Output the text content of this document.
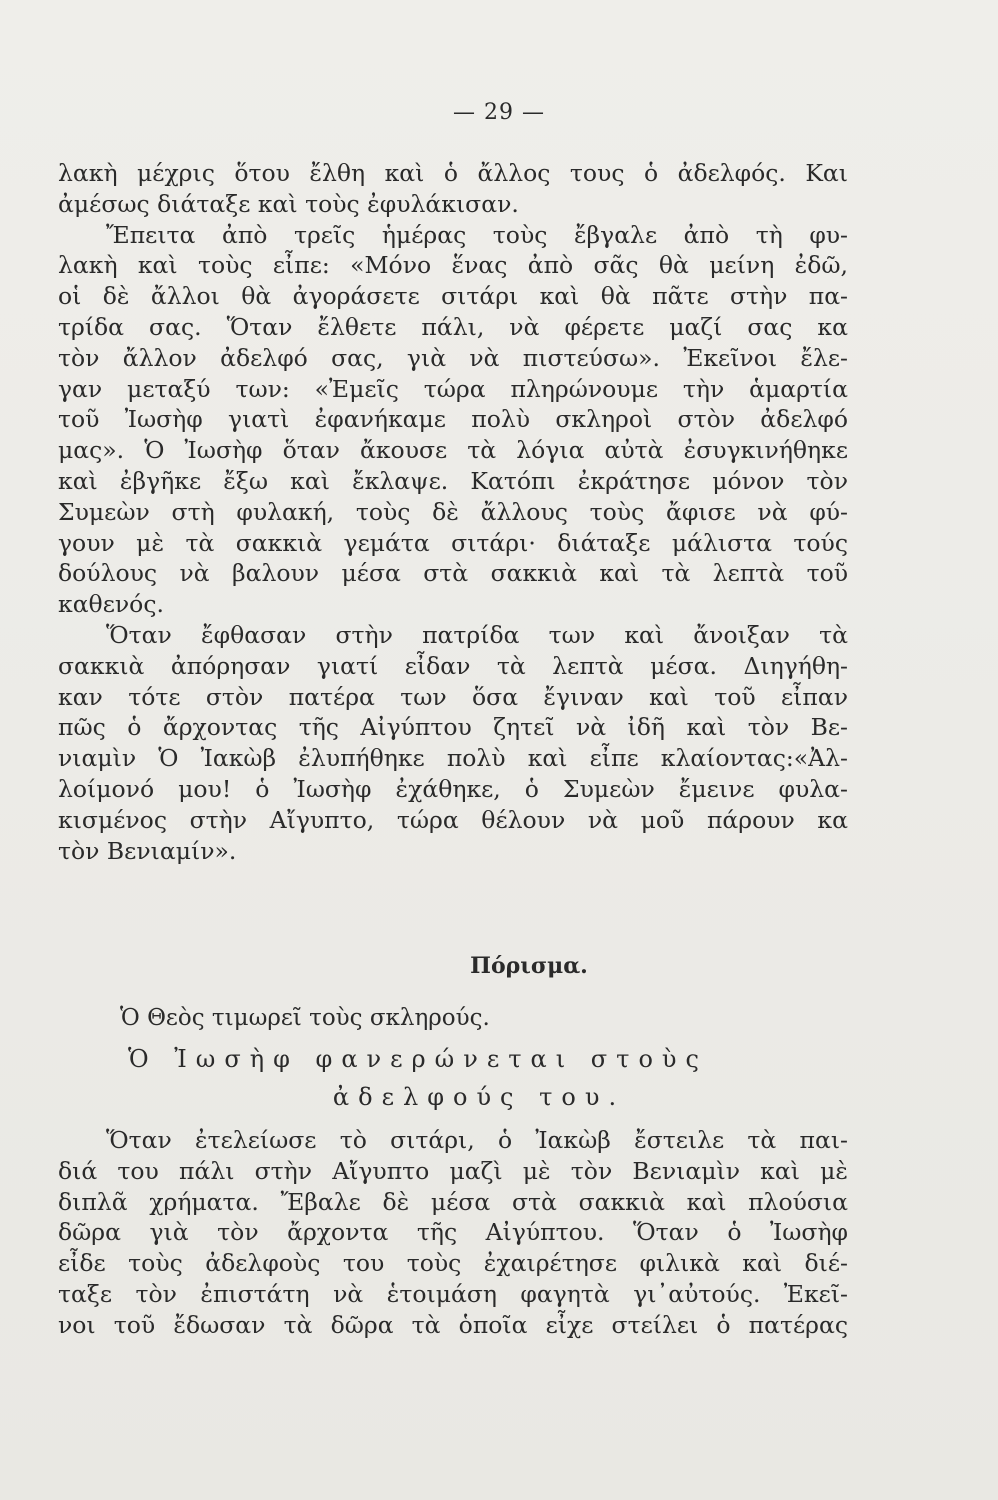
— 29 —
λακὴ μέχρις ὅτου ἔλθη καὶ ὁ ἄλλος τους ὁ ἀδελφός. Και
ἀμέσως διάταξε καὶ τοὺς ἐφυλάκισαν.
Ἔπειτα ἀπὸ τρεῖς ἡμέρας τοὺς ἔβγαλε ἀπὸ τὴ φυ-
λακὴ καὶ τοὺς εἶπε: «Μόνο ἕνας ἀπὸ σᾶς θὰ μείνη ἐδῶ,
οἱ δὲ ἄλλοι θὰ ἀγοράσετε σιτάρι καὶ θὰ πᾶτε στὴν πα-
τρίδα σας. Ὅταν ἔλθετε πάλι, νὰ φέρετε μαζί σας κα
τὸν ἄλλον ἀδελφό σας, γιὰ νὰ πιστεύσω». Ἐκεῖνοι ἔλε-
γαν μεταξύ των: «Ἐμεῖς τώρα πληρώνουμε τὴν ἁμαρτία
τοῦ Ἰωσὴφ γιατὶ ἐφανήκαμε πολὺ σκληροὶ στὸν ἀδελφό
μας». Ὁ Ἰωσὴφ ὅταν ἄκουσε τὰ λόγια αὐτὰ ἐσυγκινήθηκε
καὶ ἐβγῆκε ἔξω καὶ ἔκλαψε. Κατόπι ἐκράτησε μόνον τὸν
Συμεὼν στὴ φυλακή, τοὺς δὲ ἄλλους τοὺς ἄφισε νὰ φύ-
γουν μὲ τὰ σακκιὰ γεμάτα σιτάρι· διάταξε μάλιστα τούς
δούλους νὰ βαλουν μέσα στὰ σακκιὰ καὶ τὰ λεπτὰ τοῦ
καθενός.
Ὅταν ἔφθασαν στὴν πατρίδα των καὶ ἄνοιξαν τὰ
σακκιὰ ἀπόρησαν γιατί εἶδαν τὰ λεπτὰ μέσα. Διηγήθη-
καν τότε στὸν πατέρα των ὅσα ἔγιναν καὶ τοῦ εἶπαν
πῶς ὁ ἄρχοντας τῆς Αἰγύπτου ζητεῖ νὰ ἰδῆ καὶ τὸν Βε-
νιαμὶν Ὁ Ἰακὼβ ἐλυπήθηκε πολὺ καὶ εἶπε κλαίοντας:«Ἀλ-
λοίμονό μου! ὁ Ἰωσὴφ ἐχάθηκε, ὁ Συμεὼν ἔμεινε φυλα-
κισμένος στὴν Αἴγυπτο, τώρα θέλουν νὰ μοῦ πάρουν κα
τὸν Βενιαμίν».
Πόρισμα.
Ὁ Θεὸς τιμωρεῖ τοὺς σκληρούς.
Ὁ Ἰωσὴφ φανερώνεται στοὺς
ἀδελφούς του.
Ὅταν ἐτελείωσε τὸ σιτάρι, ὁ Ἰακὼβ ἔστειλε τὰ παι-
διά του πάλι στὴν Αἴγυπτο μαζὶ μὲ τὸν Βενιαμὶν καὶ μὲ
διπλᾶ χρήματα. Ἔβαλε δὲ μέσα στὰ σακκιὰ καὶ πλούσια
δῶρα γιὰ τὸν ἄρχοντα τῆς Αἰγύπτου. Ὅταν ὁ Ἰωσὴφ
εἶδε τοὺς ἀδελφοὺς του τοὺς ἐχαιρέτησε φιλικὰ καὶ διέ-
ταξε τὸν ἐπιστάτη νὰ ἑτοιμάση φαγητὰ γι᾽αὐτούς. Ἐκεῖ-
νοι τοῦ ἔδωσαν τὰ δῶρα τὰ ὁποῖα εἶχε στείλει ὁ πατέρας
